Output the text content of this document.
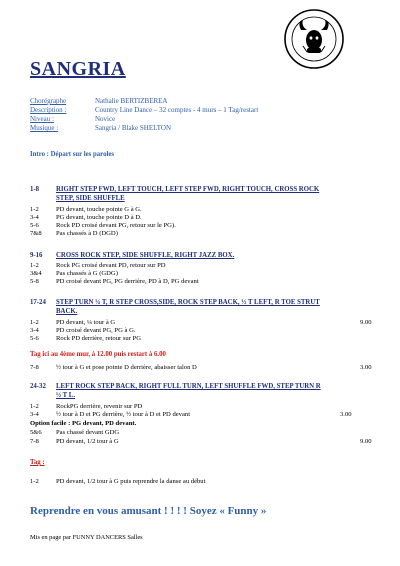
SANGRIA
Chorégraphe	Nathalie BERTIZBEREA
Description :	Country Line Dance – 32 comptes - 4 murs – 1 Tag/restart
Niveau :	Novice
Musique :	Sangria / Blake SHELTON
Intro : Départ sur les paroles
1-8 RIGHT STEP FWD, LEFT TOUCH, LEFT STEP FWD, RIGHT TOUCH, CROSS ROCK
STEP, SIDE SHUFFLE
1-2	PD devant, touche pointe G à G.
3-4	PG devant, touche pointe D à D.
5-6	Rock PD croisé devant PG, retour sur le PG).
7&8 Pas chassés à D (DGD)
9-16 CROSS ROCK STEP, SIDE SHUFFLE, RIGHT JAZZ BOX.
1-2	Rock PG croisé devant PD, retour sur PD
3&4 Pas chassés à G (GDG)
5-8	PD croisé devant PG, PG derrière, PD à D, PG devant
17-24 STEP TURN ¼ T, R STEP CROSS,SIDE, ROCK STEP BACK, ½ T LEFT, R TOE STRUT
BACK.
1-2	PD devant, ¼ tour à G	9.00
3-4	PD croisé devant PG, PG à G.
5-6	Rock PD derrière, retour sur PG
Tag ici au 4ème mur, à 12.00 puis restart à 6.00
7-8	½ tour à G et pose pointe D derrière, abaisser talon D	3.00
24-32 LEFT ROCK STEP BACK, RIGHT FULL TURN, LEFT SHUFFLE FWD, STEP TURN R
½ T L.
1-2	RockPG derrière, revenir sur PD
3-4	½ tour à D et PG derrière, ½ tour à D et PD devant	3.00
Option facile : PG devant, PD devant.
5&6 Pas chassé devant GDG
7-8	PD devant, 1/2 tour à G	9.00
Tag :
1-2	PD devant, 1/2 tour à G puis reprendre la danse au début
Reprendre en vous amusant ! ! ! ! Soyez « Funny »
Mis en page par FUNNY DANCERS Salles
